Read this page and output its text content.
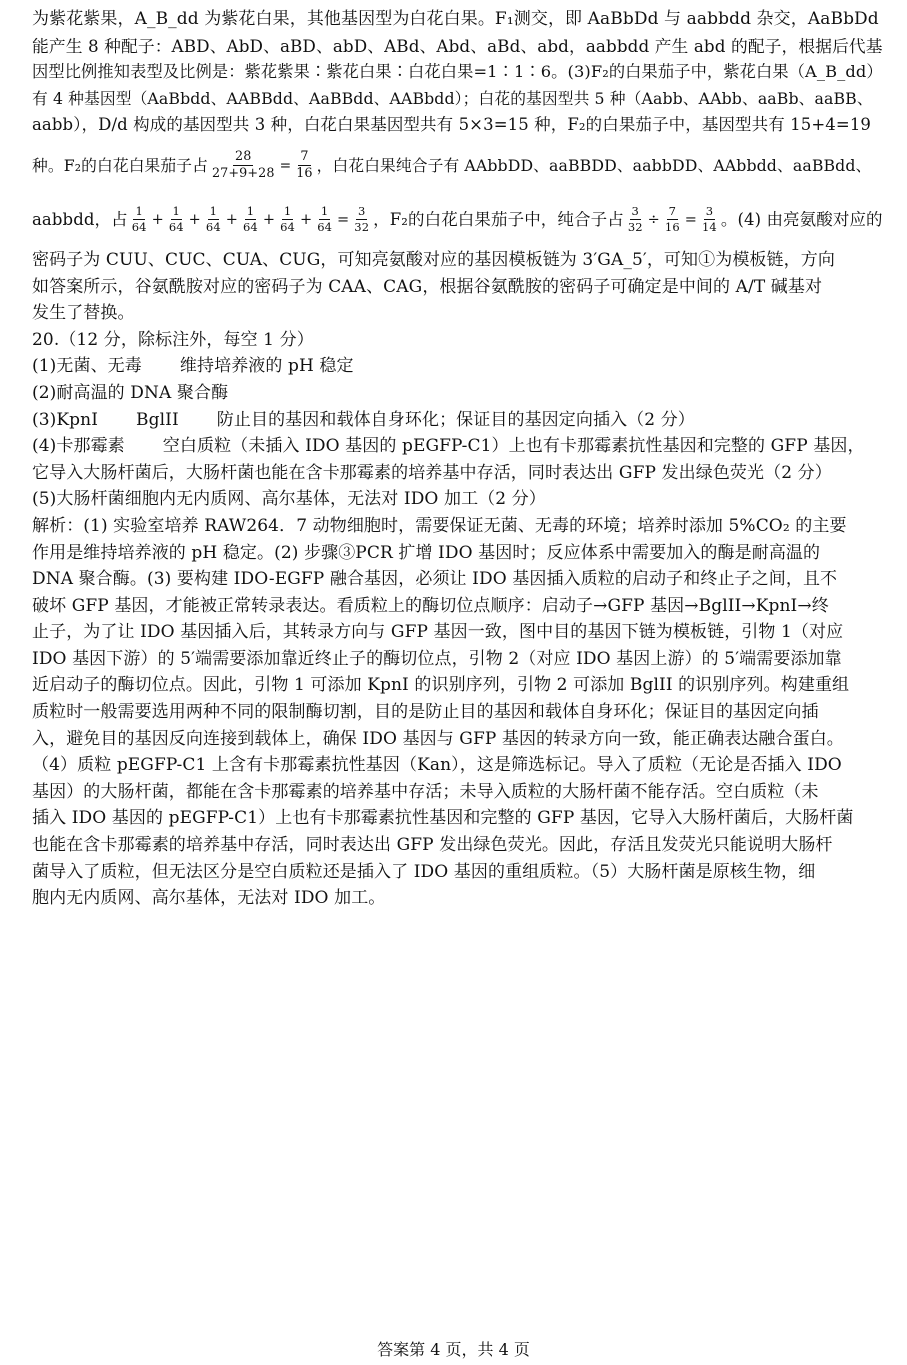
为紫花紫果，A_B_dd 为紫花白果，其他基因型为白花白果。F₁测交，即 AaBbDd 与 aabbdd 杂交，AaBbDd
能产生 8 种配子：ABD、AbD、aBD、abD、ABd、Abd、aBd、abd，aabbdd 产生 abd 的配子，根据后代基
因型比例推知表型及比例是：紫花紫果∶紫花白果∶白花白果=1∶1∶6。(3)F₂的白果茄子中，紫花白果（A_B_dd）
有 4 种基因型（AaBbdd、AABBdd、AaBBdd、AABbdd）；白花的基因型共 5 种（Aabb、AAbb、aaBb、aaBB、
aabb），D/d 构成的基因型共 3 种，白花白果基因型共有 5×3=15 种，F₂的白果茄子中，基因型共有 15+4=19
种。F₂的白花白果茄子占 $\frac{28}{27+9+28} = \frac{7}{16}$ ，白花白果纯合子有 AAbbDD、aaBBDD、aabbDD、AAbbdd、aaBBdd、
aabbdd，占 $\frac{1}{64} + \frac{1}{64} + \frac{1}{64} + \frac{1}{64} + \frac{1}{64} + \frac{1}{64} = \frac{3}{32}$ ，F₂的白花白果茄子中，纯合子占 $\frac{3}{32} \div \frac{7}{16} = \frac{3}{14}$ 。(4) 由亮氨酸对应的
密码子为 CUU、CUC、CUA、CUG，可知亮氨酸对应的基因模板链为 3′GA_5′，可知①为模板链，方向
如答案所示，谷氨酰胺对应的密码子为 CAA、CAG，根据谷氨酰胺的密码子可确定是中间的 A/T 碱基对
发生了替换。
20.（12 分，除标注外，每空 1 分）
(1)无菌、无毒 维持培养液的 pH 稳定
(2)耐高温的 DNA 聚合酶
(3)KpnI BglII 防止目的基因和载体自身环化；保证目的基因定向插入（2 分）
(4)卡那霉素 空白质粒（未插入 IDO 基因的 pEGFP-C1）上也有卡那霉素抗性基因和完整的 GFP 基因，
它导入大肠杆菌后，大肠杆菌也能在含卡那霉素的培养基中存活，同时表达出 GFP 发出绿色荧光（2 分）
(5)大肠杆菌细胞内无内质网、高尔基体，无法对 IDO 加工（2 分）
解析：(1) 实验室培养 RAW264．7 动物细胞时，需要保证无菌、无毒的环境；培养时添加 5%CO₂ 的主要
作用是维持培养液的 pH 稳定。(2) 步骤③PCR 扩增 IDO 基因时；反应体系中需要加入的酶是耐高温的
DNA 聚合酶。(3) 要构建 IDO-EGFP 融合基因，必须让 IDO 基因插入质粒的启动子和终止子之间，且不
破坏 GFP 基因，才能被正常转录表达。看质粒上的酶切位点顺序：启动子→GFP 基因→BglII→KpnI→终
止子，为了让 IDO 基因插入后，其转录方向与 GFP 基因一致，图中目的基因下链为模板链，引物 1（对应
IDO 基因下游）的 5′端需要添加靠近终止子的酶切位点，引物 2（对应 IDO 基因上游）的 5′端需要添加靠
近启动子的酶切位点。因此，引物 1 可添加 KpnI 的识别序列，引物 2 可添加 BglII 的识别序列。构建重组
质粒时一般需要选用两种不同的限制酶切割，目的是防止目的基因和载体自身环化；保证目的基因定向插
入，避免目的基因反向连接到载体上，确保 IDO 基因与 GFP 基因的转录方向一致，能正确表达融合蛋白。
（4）质粒 pEGFP-C1 上含有卡那霉素抗性基因（Kan），这是筛选标记。导入了质粒（无论是否插入 IDO
基因）的大肠杆菌，都能在含卡那霉素的培养基中存活；未导入质粒的大肠杆菌不能存活。空白质粒（未
插入 IDO 基因的 pEGFP-C1）上也有卡那霉素抗性基因和完整的 GFP 基因，它导入大肠杆菌后，大肠杆菌
也能在含卡那霉素的培养基中存活，同时表达出 GFP 发出绿色荧光。因此，存活且发荧光只能说明大肠杆
菌导入了质粒，但无法区分是空白质粒还是插入了 IDO 基因的重组质粒。（5）大肠杆菌是原核生物，细
胞内无内质网、高尔基体，无法对 IDO 加工。
答案第 4 页，共 4 页
